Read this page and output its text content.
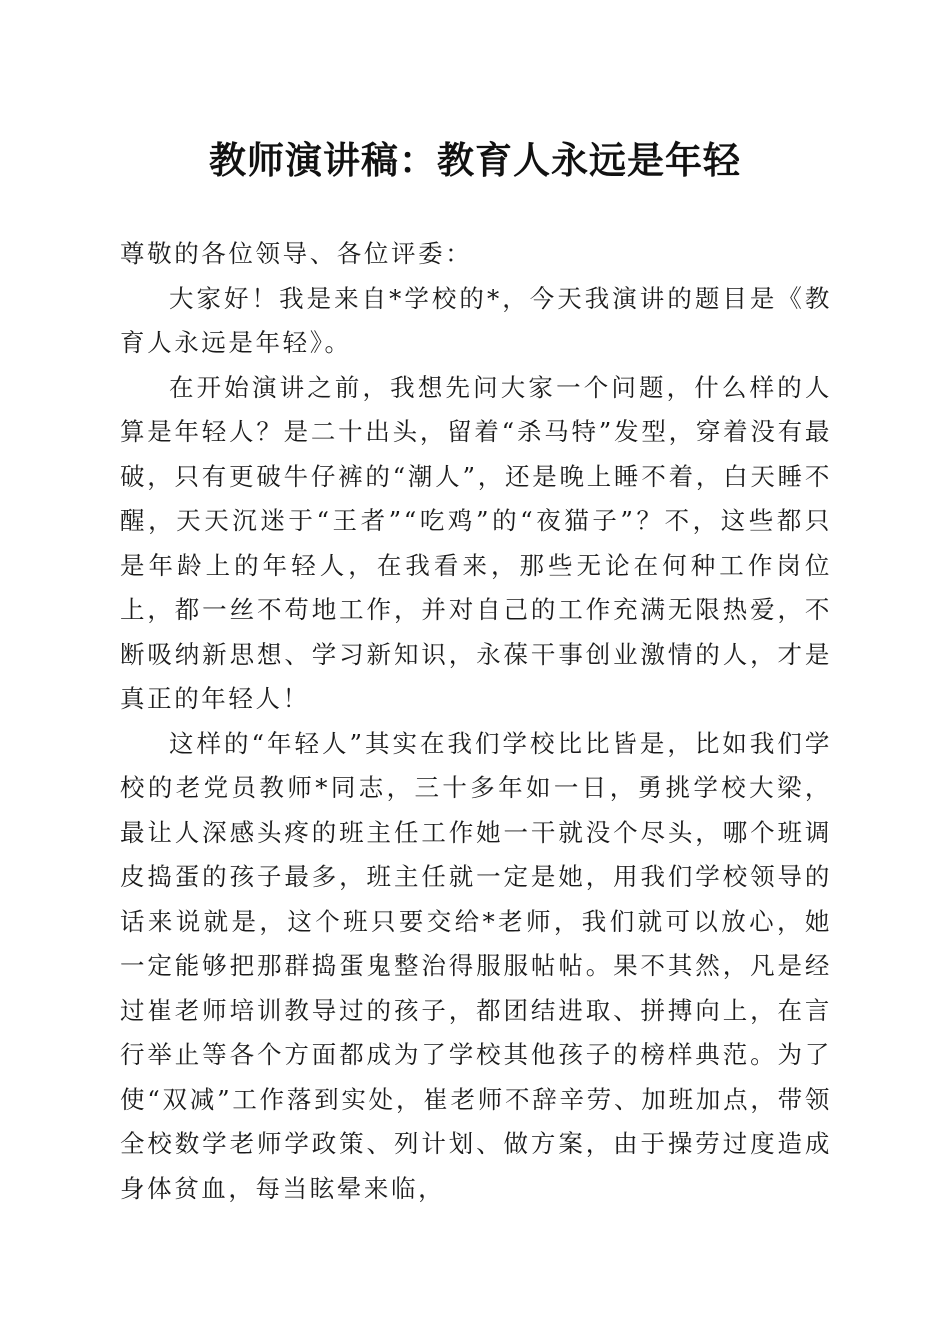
教师演讲稿：教育人永远是年轻

尊敬的各位领导、各位评委：

大家好！我是来自*学校的*，今天我演讲的题目是《教育人永远是年轻》。

在开始演讲之前，我想先问大家一个问题，什么样的人算是年轻人？是二十出头，留着“杀马特”发型，穿着没有最破，只有更破牛仔裤的“潮人”，还是晚上睡不着，白天睡不醒，天天沉迷于“王者”“吃鸡”的“夜猫子”？不，这些都只是年龄上的年轻人，在我看来，那些无论在何种工作岗位上，都一丝不苟地工作，并对自己的工作充满无限热爱，不断吸纳新思想、学习新知识，永葆干事创业激情的人，才是真正的年轻人！

这样的“年轻人”其实在我们学校比比皆是，比如我们学校的老党员教师*同志，三十多年如一日，勇挑学校大梁，最让人深感头疼的班主任工作她一干就没个尽头，哪个班调皮捣蛋的孩子最多，班主任就一定是她，用我们学校领导的话来说就是，这个班只要交给*老师，我们就可以放心，她一定能够把那群捣蛋鬼整治得服服帖帖。果不其然，凡是经过崔老师培训教导过的孩子，都团结进取、拼搏向上，在言行举止等各个方面都成为了学校其他孩子的榜样典范。为了使“双减”工作落到实处，崔老师不辞辛劳、加班加点，带领全校数学老师学政策、列计划、做方案，由于操劳过度造成身体贫血，每当眩晕来临，
